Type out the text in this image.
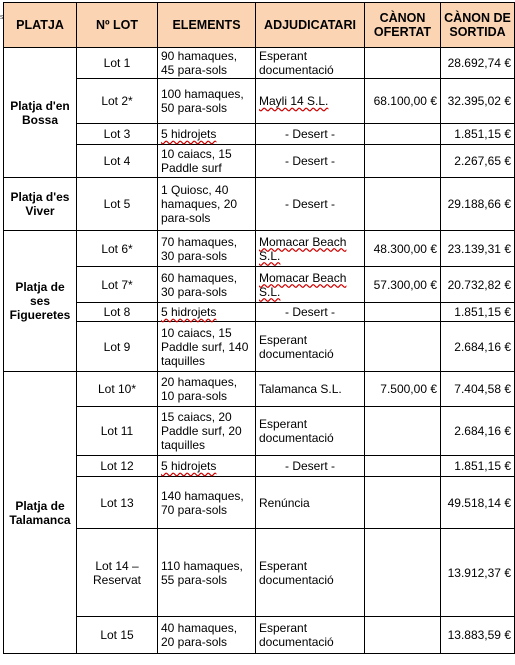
s
PLATJA	Nº LOT	ELEMENTS	ADJUDICATARI	CÀNON OFERTAT	CÀNON DE SORTIDA
Platja d'en Bossa	Lot 1	90 hamaques, 45 para-sols	Esperant documentació		28.692,74 €
	Lot 2*	100 hamaques, 50 para-sols	Mayli 14 S.L.	68.100,00 €	32.395,02 €
	Lot 3	5 hidrojets	- Desert -		1.851,15 €
	Lot 4	10 caiacs, 15 Paddle surf	- Desert -		2.267,65 €
Platja d'es Viver	Lot 5	1 Quiosc, 40 hamaques, 20 para-sols	- Desert -		29.188,66 €
Platja de ses Figueretes	Lot 6*	70 hamaques, 30 para-sols	Momacar Beach S.L.	48.300,00 €	23.139,31 €
	Lot 7*	60 hamaques, 30 para-sols	Momacar Beach S.L.	57.300,00 €	20.732,82 €
	Lot 8	5 hidrojets	- Desert -		1.851,15 €
	Lot 9	10 caiacs, 15 Paddle surf, 140 taquilles	Esperant documentació		2.684,16 €
Platja de Talamanca	Lot 10*	20 hamaques, 10 para-sols	Talamanca S.L.	7.500,00 €	7.404,58 €
	Lot 11	15 caiacs, 20 Paddle surf, 20 taquilles	Esperant documentació		2.684,16 €
	Lot 12	5 hidrojets	- Desert -		1.851,15 €
	Lot 13	140 hamaques, 70 para-sols	Renúncia		49.518,14 €
	Lot 14 – Reservat	110 hamaques, 55 para-sols	Esperant documentació		13.912,37 €
	Lot 15	40 hamaques, 20 para-sols	Esperant documentació		13.883,59 €
